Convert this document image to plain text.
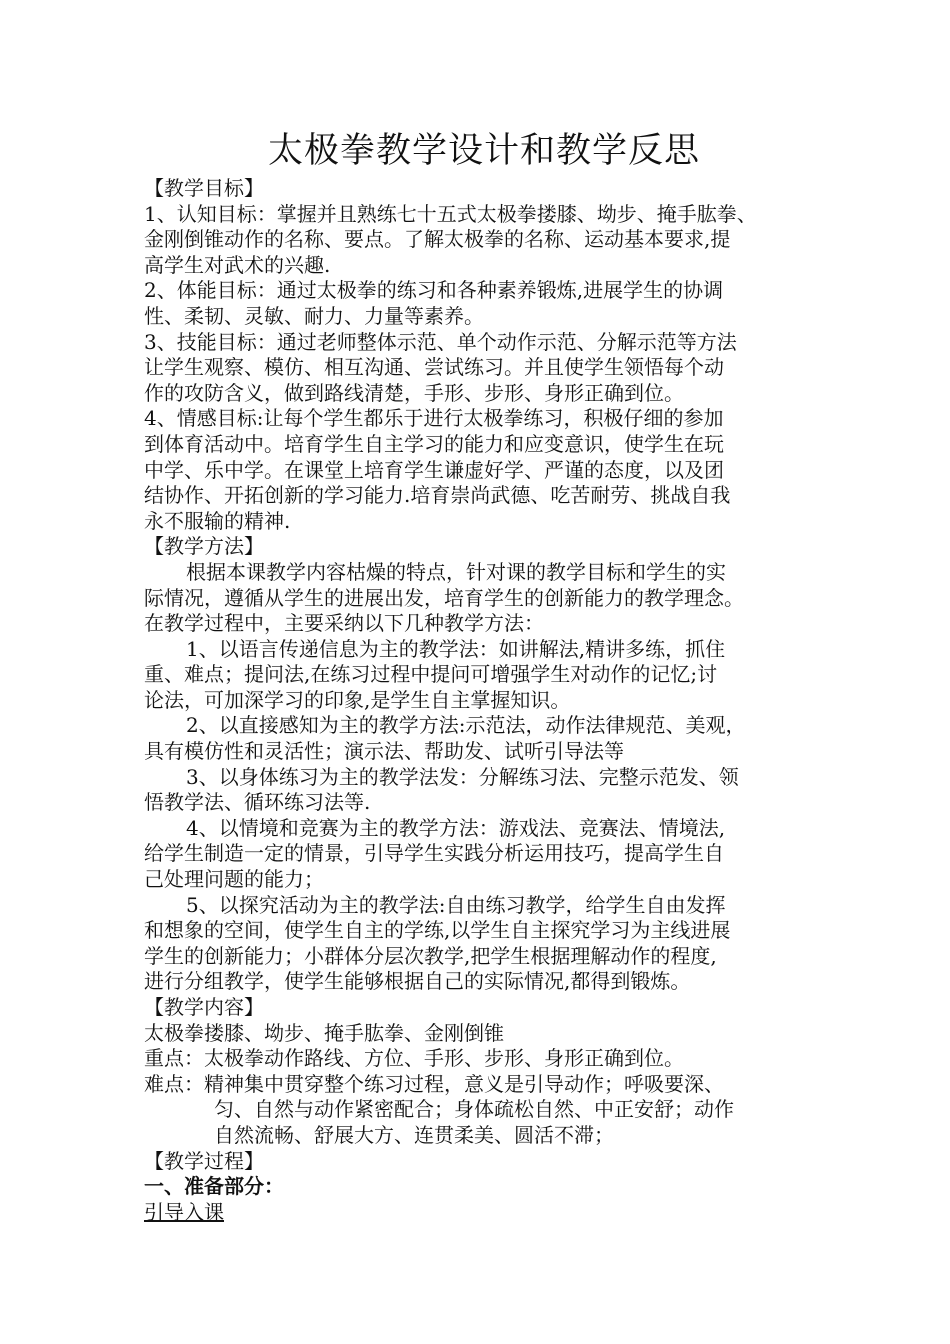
太极拳教学设计和教学反思

【教学目标】

1、认知目标：掌握并且熟练七十五式太极拳搂膝、坳步、掩手肱拳、

金刚倒锥动作的名称、要点。了解太极拳的名称、运动基本要求,提

高学生对武术的兴趣.

2、体能目标：通过太极拳的练习和各种素养锻炼,进展学生的协调

性、柔韧、灵敏、耐力、力量等素养。

3、技能目标：通过老师整体示范、单个动作示范、分解示范等方法

让学生观察、模仿、相互沟通、尝试练习。并且使学生领悟每个动

作的攻防含义，做到路线清楚，手形、步形、身形正确到位。

4、情感目标:让每个学生都乐于进行太极拳练习，积极仔细的参加

到体育活动中。培育学生自主学习的能力和应变意识，使学生在玩

中学、乐中学。在课堂上培育学生谦虚好学、严谨的态度，以及团

结协作、开拓创新的学习能力.培育崇尚武德、吃苦耐劳、挑战自我

永不服输的精神.

【教学方法】

根据本课教学内容枯燥的特点，针对课的教学目标和学生的实

际情况，遵循从学生的进展出发，培育学生的创新能力的教学理念。

在教学过程中，主要采纳以下几种教学方法：

1、以语言传递信息为主的教学法：如讲解法,精讲多练，抓住

重、难点；提问法,在练习过程中提问可增强学生对动作的记忆;讨

论法，可加深学习的印象,是学生自主掌握知识。

2、以直接感知为主的教学方法:示范法，动作法律规范、美观，

具有模仿性和灵活性；演示法、帮助发、试听引导法等

3、以身体练习为主的教学法发：分解练习法、完整示范发、领

悟教学法、循环练习法等.

4、以情境和竞赛为主的教学方法：游戏法、竞赛法、情境法,

给学生制造一定的情景，引导学生实践分析运用技巧，提高学生自

己处理问题的能力；

5、以探究活动为主的教学法:自由练习教学，给学生自由发挥

和想象的空间，使学生自主的学练,以学生自主探究学习为主线进展

学生的创新能力；小群体分层次教学,把学生根据理解动作的程度,

进行分组教学，使学生能够根据自己的实际情况,都得到锻炼。

【教学内容】

太极拳搂膝、坳步、掩手肱拳、金刚倒锥

重点：太极拳动作路线、方位、手形、步形、身形正确到位。

难点：精神集中贯穿整个练习过程，意义是引导动作；呼吸要深、

匀、自然与动作紧密配合；身体疏松自然、中正安舒；动作

自然流畅、舒展大方、连贯柔美、圆活不滞；

【教学过程】

一、准备部分：

引导入课
